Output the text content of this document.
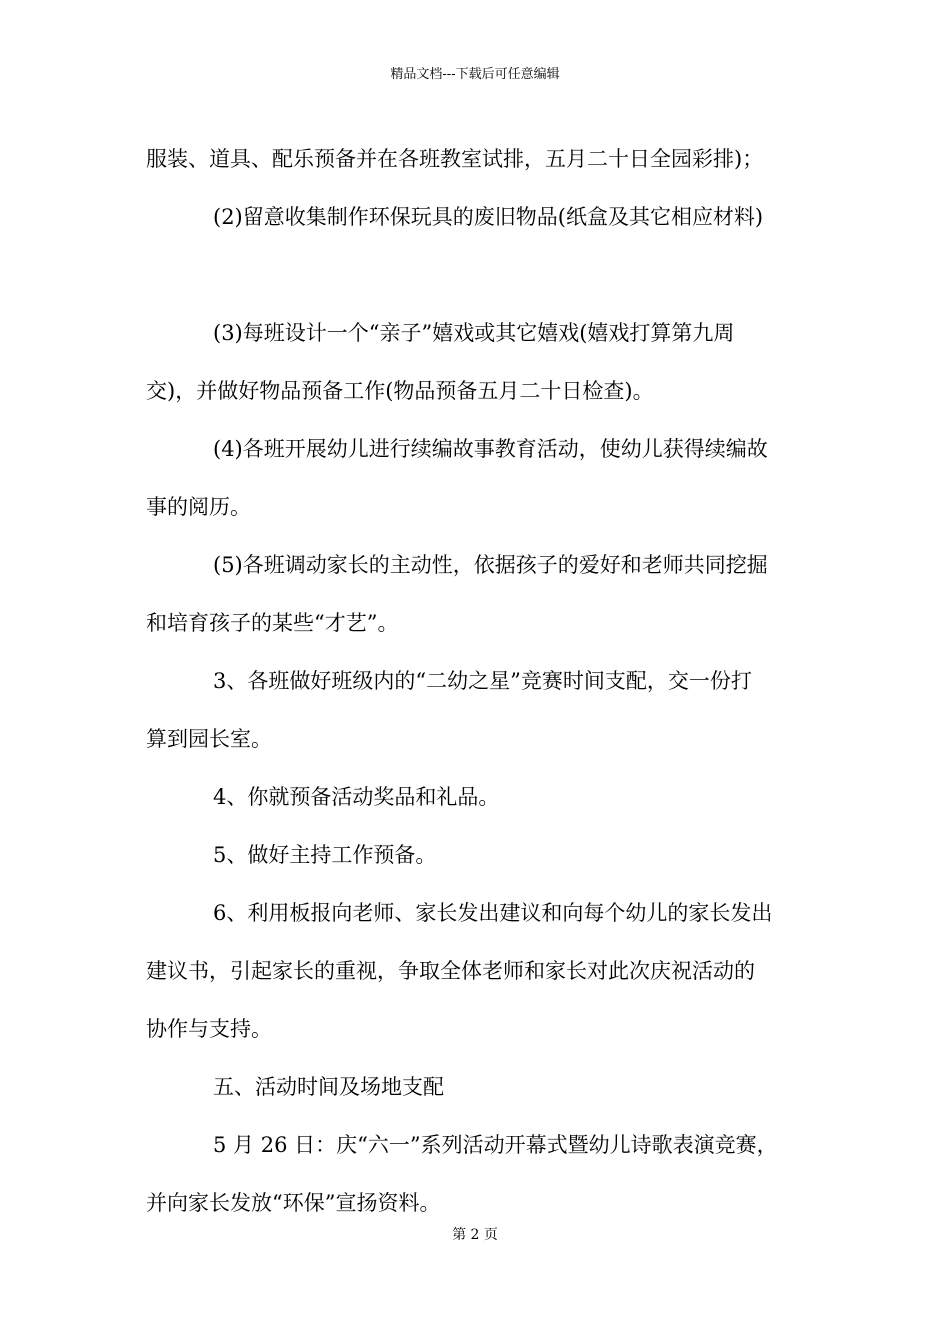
精品文档---下载后可任意编辑
服装、道具、配乐预备并在各班教室试排，五月二十日全园彩排)；
(2)留意收集制作环保玩具的废旧物品(纸盒及其它相应材料)
(3)每班设计一个“亲子”嬉戏或其它嬉戏(嬉戏打算第九周
交)，并做好物品预备工作(物品预备五月二十日检查)。
(4)各班开展幼儿进行续编故事教育活动，使幼儿获得续编故
事的阅历。
(5)各班调动家长的主动性，依据孩子的爱好和老师共同挖掘
和培育孩子的某些“才艺”。
3、各班做好班级内的“二幼之星”竞赛时间支配，交一份打
算到园长室。
4、你就预备活动奖品和礼品。
5、做好主持工作预备。
6、利用板报向老师、家长发出建议和向每个幼儿的家长发出
建议书，引起家长的重视，争取全体老师和家长对此次庆祝活动的
协作与支持。
五、活动时间及场地支配
5 月 26 日：庆“六一”系列活动开幕式暨幼儿诗歌表演竞赛，
并向家长发放“环保”宣扬资料。
第 2 页
